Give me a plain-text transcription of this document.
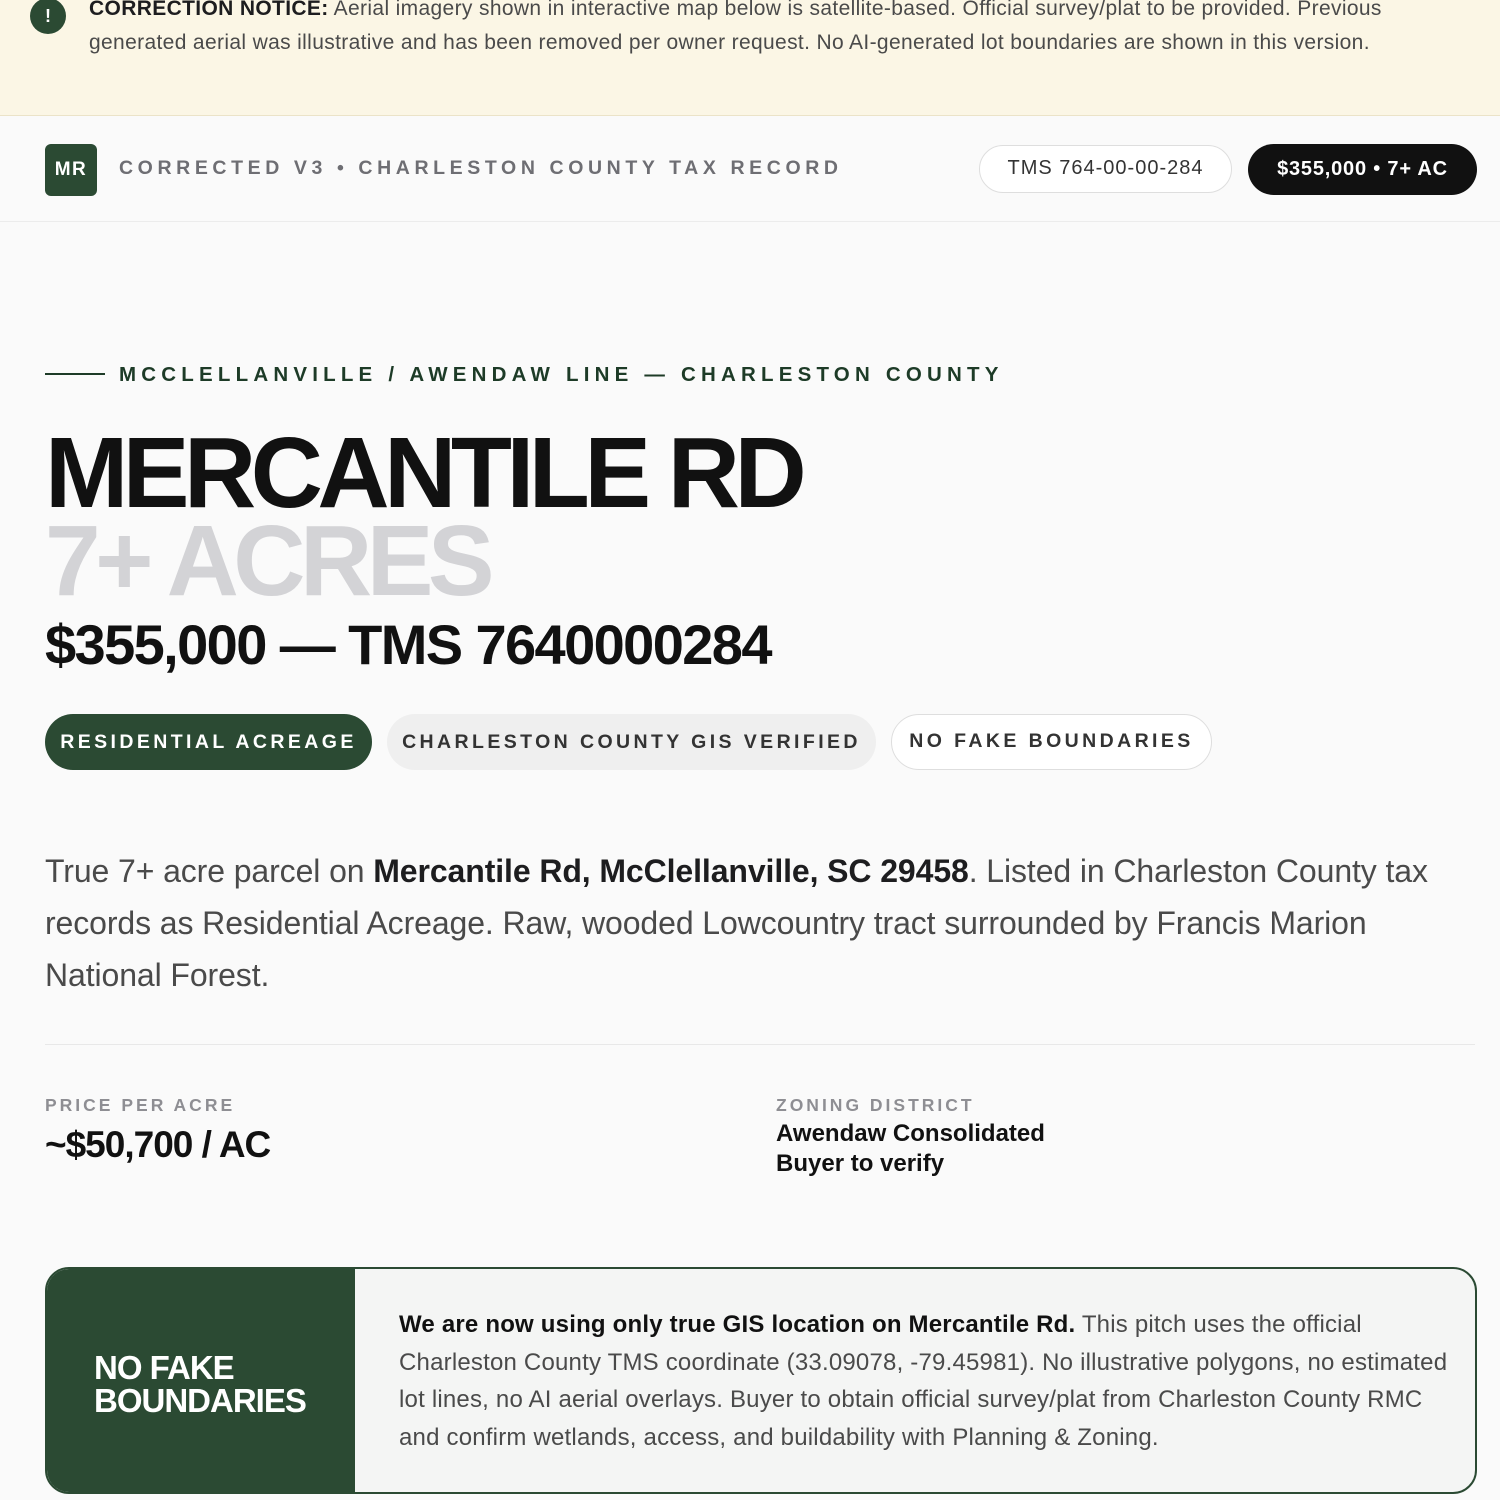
!	CORRECTION NOTICE: Aerial imagery shown in interactive map below is satellite-based. Official survey/plat to be provided. Previous generated aerial was illustrative and has been removed per owner request. No AI-generated lot boundaries are shown in this version.
MR	CORRECTED V3 • CHARLESTON COUNTY TAX RECORD	TMS 764-00-00-284	$355,000 • 7+ AC
MCCLELLANVILLE / AWENDAW LINE — CHARLESTON COUNTY
MERCANTILE RD
7+ ACRES
$355,000 — TMS 7640000284
RESIDENTIAL ACREAGE	CHARLESTON COUNTY GIS VERIFIED	NO FAKE BOUNDARIES
True 7+ acre parcel on Mercantile Rd, McClellanville, SC 29458. Listed in Charleston County tax records as Residential Acreage. Raw, wooded Lowcountry tract surrounded by Francis Marion National Forest.
PRICE PER ACRE
~$50,700 / AC
ZONING DISTRICT
Awendaw Consolidated
Buyer to verify
NO FAKE
BOUNDARIES
We are now using only true GIS location on Mercantile Rd. This pitch uses the official Charleston County TMS coordinate (33.09078, -79.45981). No illustrative polygons, no estimated lot lines, no AI aerial overlays. Buyer to obtain official survey/plat from Charleston County RMC and confirm wetlands, access, and buildability with Planning & Zoning.
